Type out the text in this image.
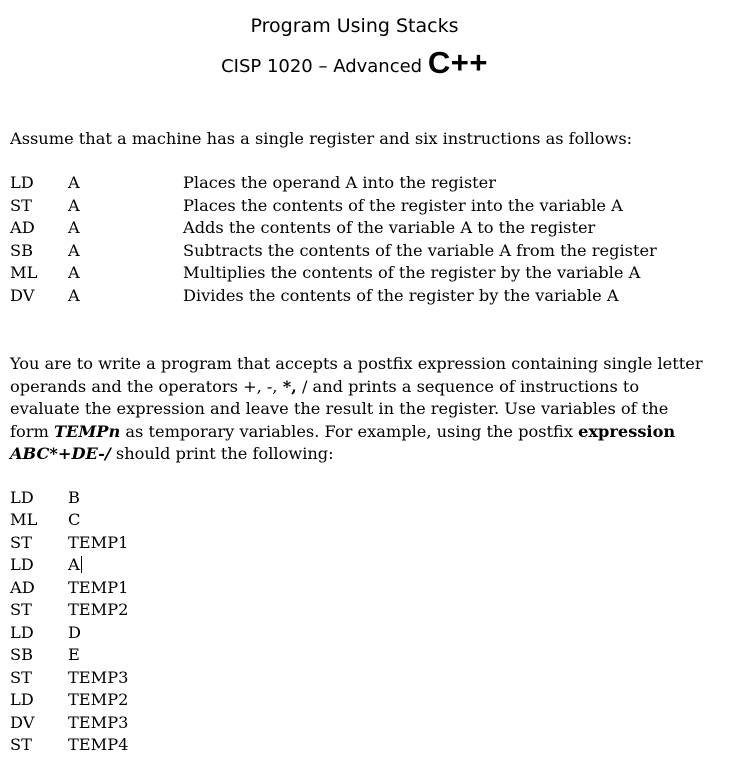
Program Using Stacks
CISP 1020 – Advanced C++
Assume that a machine has a single register and six instructions as follows:
LD	A	Places the operand A into the register
ST	A	Places the contents of the register into the variable A
AD	A	Adds the contents of the variable A to the register
SB	A	Subtracts the contents of the variable A from the register
ML	A	Multiplies the contents of the register by the variable A
DV	A	Divides the contents of the register by the variable A
You are to write a program that accepts a postfix expression containing single letter operands and the operators +, -, *, / and prints a sequence of instructions to evaluate the expression and leave the result in the register. Use variables of the form TEMPn as temporary variables. For example, using the postfix expression
ABC*+DE-/ should print the following:
LD	B
ML	C
ST	TEMP1
LD	A
AD	TEMP1
ST	TEMP2
LD	D
SB	E
ST	TEMP3
LD	TEMP2
DV	TEMP3
ST	TEMP4
